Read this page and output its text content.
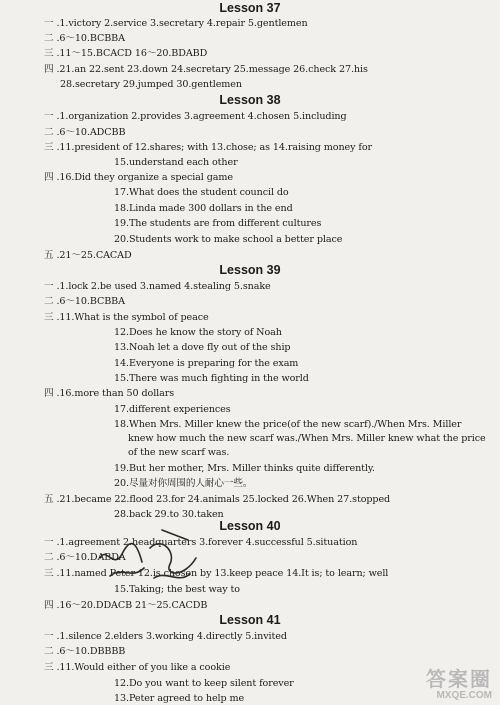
Lesson 37
一 .1.victory 2.service 3.secretary 4.repair 5.gentlemen
二 .6～10.BCBBA
三 .11～15.BCACD 16～20.BDABD
四 .21.an 22.sent 23.down 24.secretary 25.message 26.check 27.his
28.secretary 29.jumped 30.gentlemen
Lesson 38
一 .1.organization 2.provides 3.agreement 4.chosen 5.including
二 .6～10.ADCBB
三 .11.president of 12.shares; with 13.chose; as 14.raising money for
15.understand each other
四 .16.Did they organize a special game
17.What does the student council do
18.Linda made 300 dollars in the end
19.The students are from different cultures
20.Students work to make school a better place
五 .21～25.CACAD
Lesson 39
一 .1.lock 2.be used 3.named 4.stealing 5.snake
二 .6～10.BCBBA
三 .11.What is the symbol of peace
12.Does he know the story of Noah
13.Noah let a dove fly out of the ship
14.Everyone is preparing for the exam
15.There was much fighting in the world
四 .16.more than 50 dollars
17.different experiences
18.When Mrs. Miller knew the price(of the new scarf)./When Mrs. Miller
knew how much the new scarf was./When Mrs. Miller knew what the price
of the new scarf was.
19.But her mother, Mrs. Miller thinks quite differently.
20.尽量对你周围的人耐心一些。
五 .21.became 22.flood 23.for 24.animals 25.locked 26.When 27.stopped
28.back 29.to 30.taken
Lesson 40
一 .1.agreement 2.headquarters 3.forever 4.successful 5.situation
二 .6～10.DABDA
三 .11.named Peter 12.is chosen by 13.keep peace 14.It is; to learn; well
15.Taking; the best way to
四 .16～20.DDACB 21～25.CACDB
Lesson 41
一 .1.silence 2.elders 3.working 4.directly 5.invited
二 .6～10.DBBBB
三 .11.Would either of you like a cookie
12.Do you want to keep silent forever
13.Peter agreed to help me
答案圈
MXQE.COM
